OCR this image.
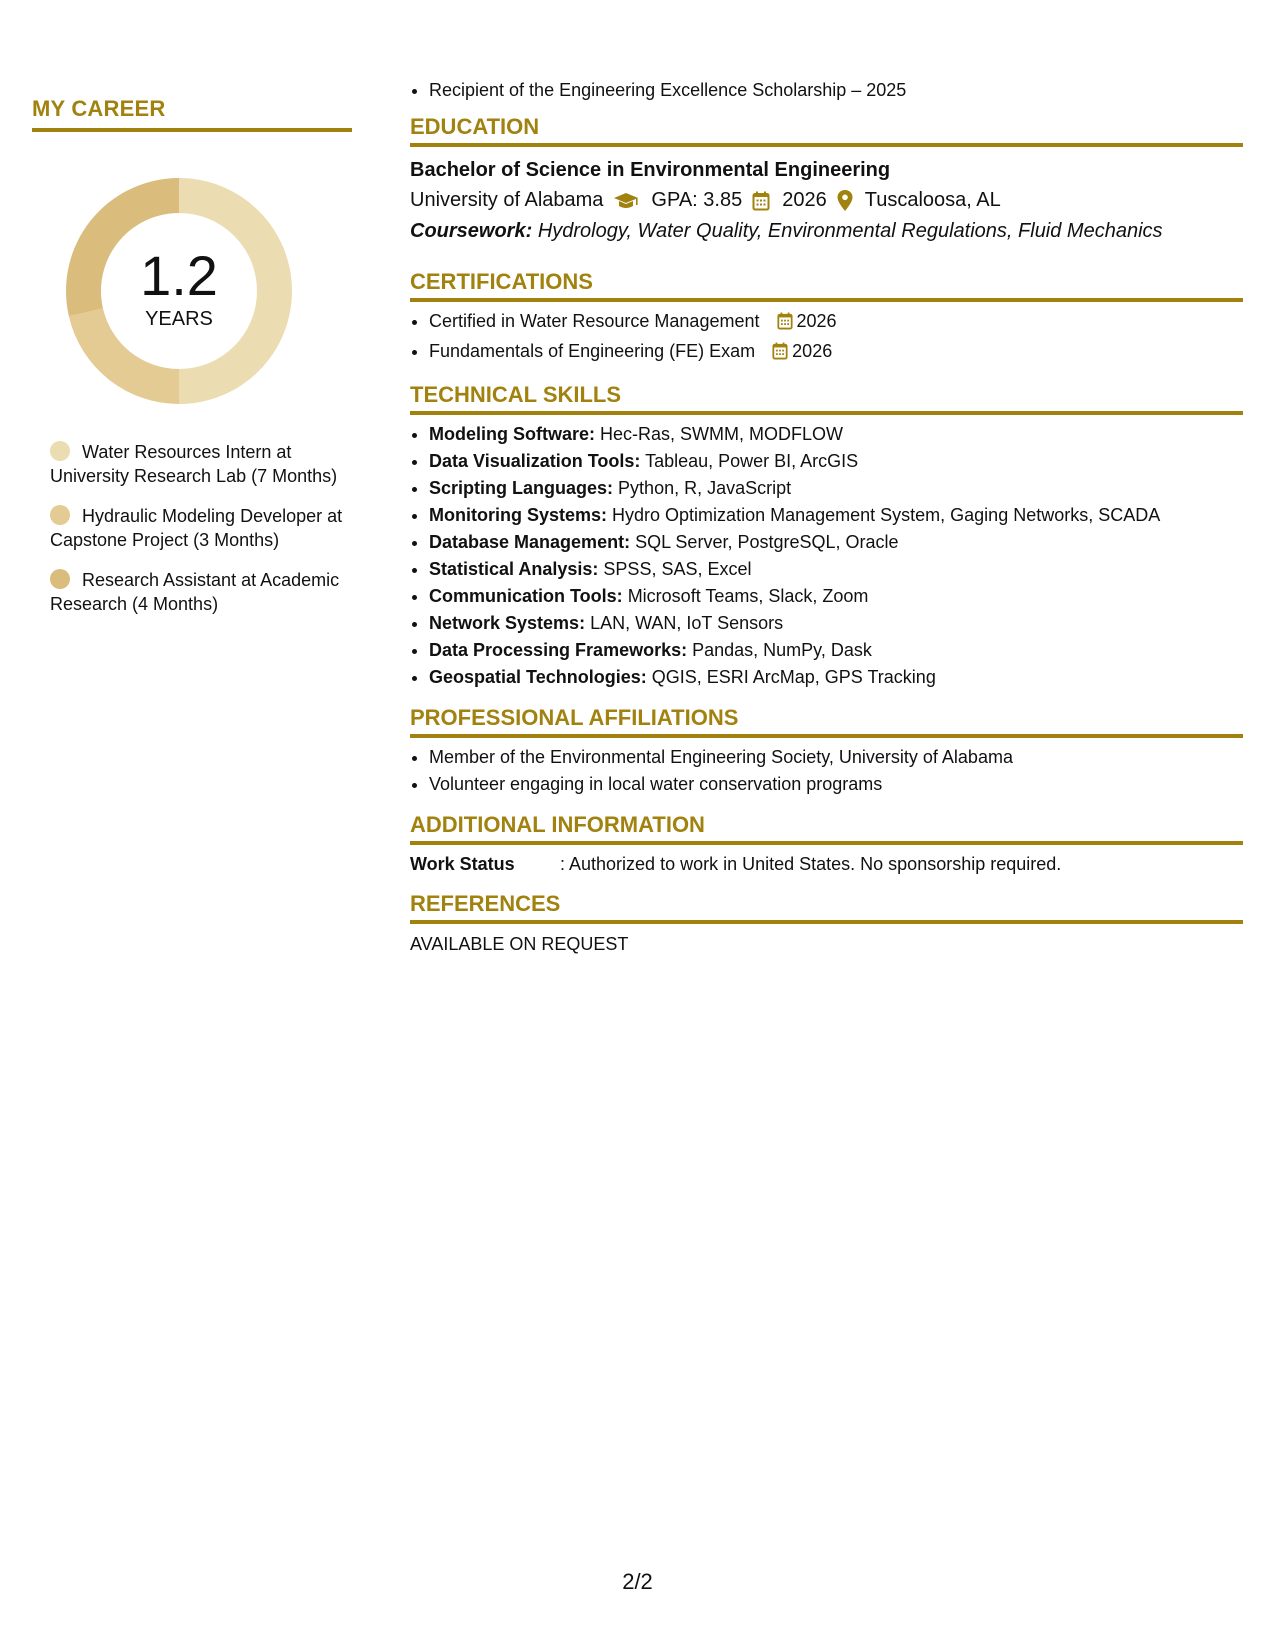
MY CAREER
1.2
YEARS
Water Resources Intern at University Research Lab (7 Months)
Hydraulic Modeling Developer at Capstone Project (3 Months)
Research Assistant at Academic Research (4 Months)
• Recipient of the Engineering Excellence Scholarship – 2025
EDUCATION
Bachelor of Science in Environmental Engineering
University of Alabama GPA: 3.85 2026 Tuscaloosa, AL
Coursework: Hydrology, Water Quality, Environmental Regulations, Fluid Mechanics
CERTIFICATIONS
• Certified in Water Resource Management 2026
• Fundamentals of Engineering (FE) Exam 2026
TECHNICAL SKILLS
• Modeling Software: Hec-Ras, SWMM, MODFLOW
• Data Visualization Tools: Tableau, Power BI, ArcGIS
• Scripting Languages: Python, R, JavaScript
• Monitoring Systems: Hydro Optimization Management System, Gaging Networks, SCADA
• Database Management: SQL Server, PostgreSQL, Oracle
• Statistical Analysis: SPSS, SAS, Excel
• Communication Tools: Microsoft Teams, Slack, Zoom
• Network Systems: LAN, WAN, IoT Sensors
• Data Processing Frameworks: Pandas, NumPy, Dask
• Geospatial Technologies: QGIS, ESRI ArcMap, GPS Tracking
PROFESSIONAL AFFILIATIONS
• Member of the Environmental Engineering Society, University of Alabama
• Volunteer engaging in local water conservation programs
ADDITIONAL INFORMATION
Work Status	: Authorized to work in United States. No sponsorship required.
REFERENCES
AVAILABLE ON REQUEST
2/2
